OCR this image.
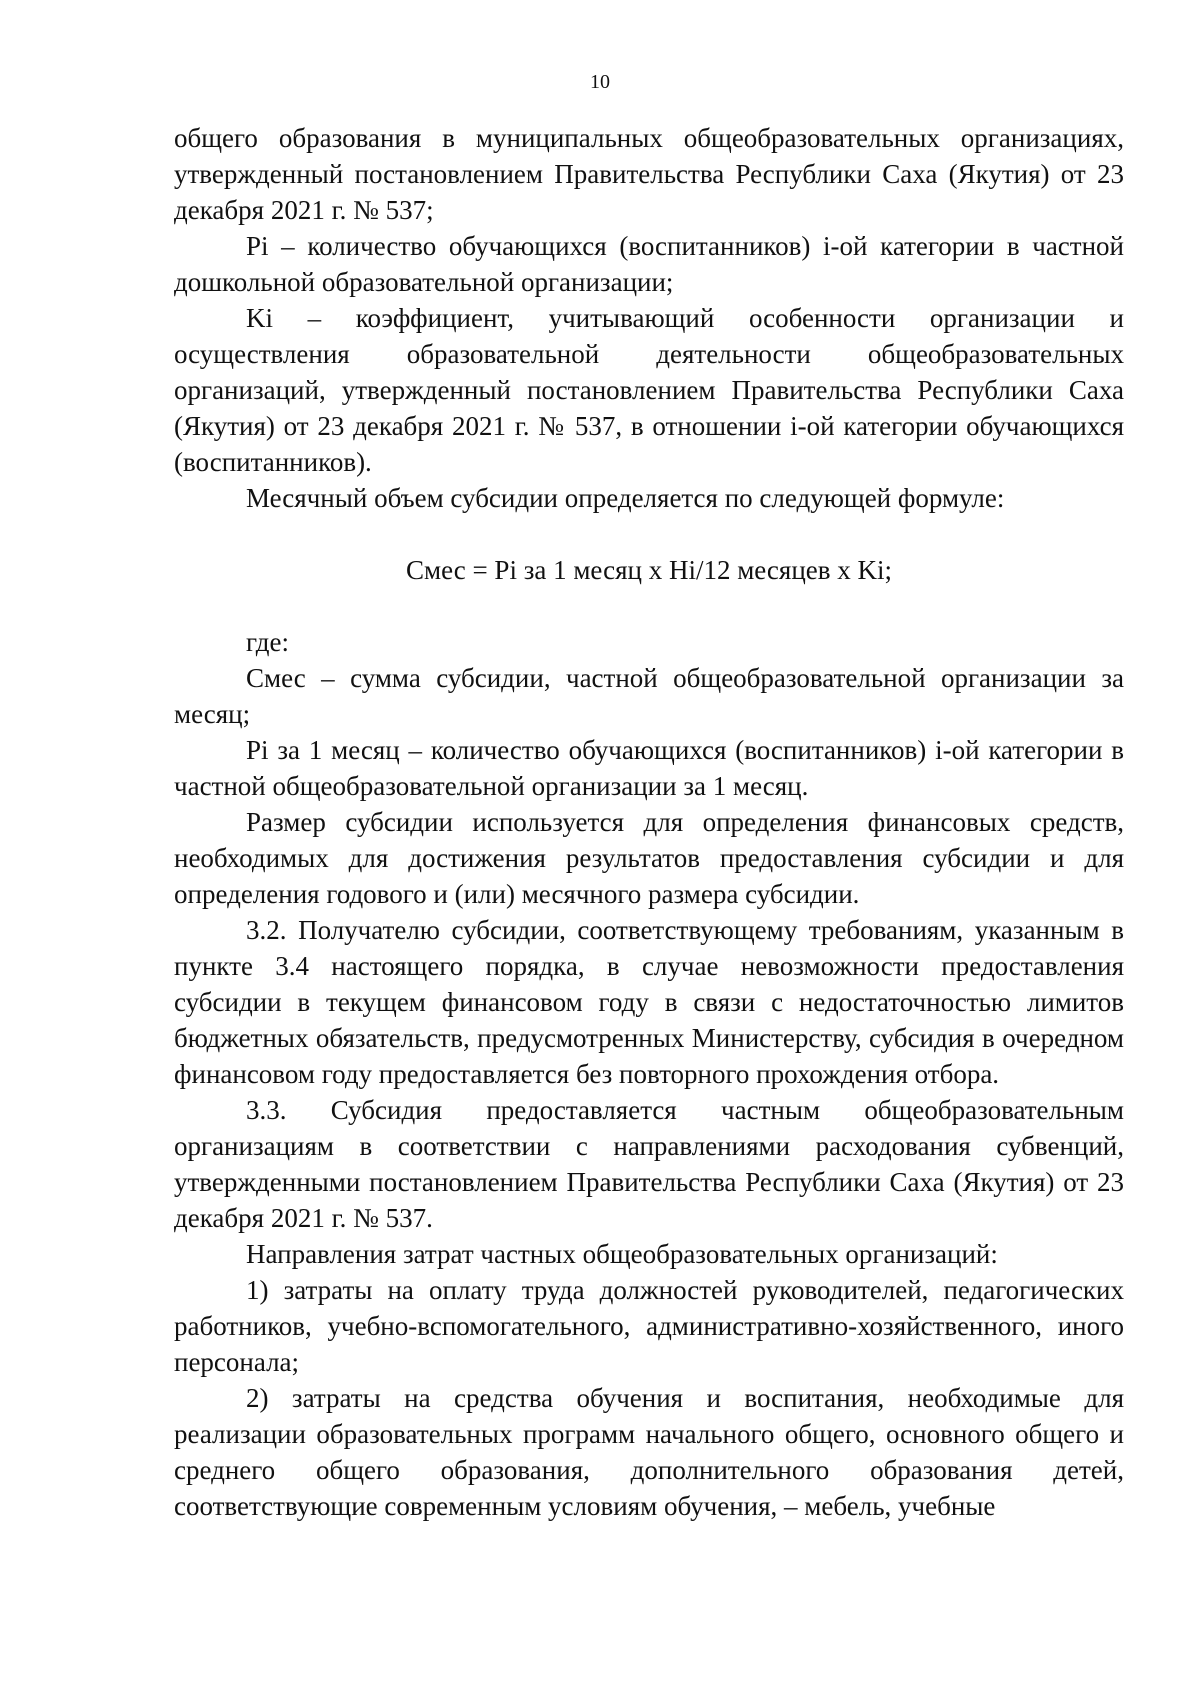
10

общего образования в муниципальных общеобразовательных организациях, утвержденный постановлением Правительства Республики Саха (Якутия) от 23 декабря 2021 г. № 537;

Pi – количество обучающихся (воспитанников) i-ой категории в частной дошкольной образовательной организации;

Ki – коэффициент, учитывающий особенности организации и осуществления образовательной деятельности общеобразовательных организаций, утвержденный постановлением Правительства Республики Саха (Якутия) от 23 декабря 2021 г. № 537, в отношении i-ой категории обучающихся (воспитанников).

Месячный объем субсидии определяется по следующей формуле:

Смес = Pi за 1 месяц х Hi/12 месяцев х Ki;

где:

Смес – сумма субсидии, частной общеобразовательной организации за месяц;

Pi за 1 месяц – количество обучающихся (воспитанников) i-ой категории в частной общеобразовательной организации за 1 месяц.

Размер субсидии используется для определения финансовых средств, необходимых для достижения результатов предоставления субсидии и для определения годового и (или) месячного размера субсидии.

3.2. Получателю субсидии, соответствующему требованиям, указанным в пункте 3.4 настоящего порядка, в случае невозможности предоставления субсидии в текущем финансовом году в связи с недостаточностью лимитов бюджетных обязательств, предусмотренных Министерству, субсидия в очередном финансовом году предоставляется без повторного прохождения отбора.

3.3. Субсидия предоставляется частным общеобразовательным организациям в соответствии с направлениями расходования субвенций, утвержденными постановлением Правительства Республики Саха (Якутия) от 23 декабря 2021 г. № 537.

Направления затрат частных общеобразовательных организаций:

1) затраты на оплату труда должностей руководителей, педагогических работников, учебно-вспомогательного, административно-хозяйственного, иного персонала;

2) затраты на средства обучения и воспитания, необходимые для реализации образовательных программ начального общего, основного общего и среднего общего образования, дополнительного образования детей, соответствующие современным условиям обучения, – мебель, учебные
